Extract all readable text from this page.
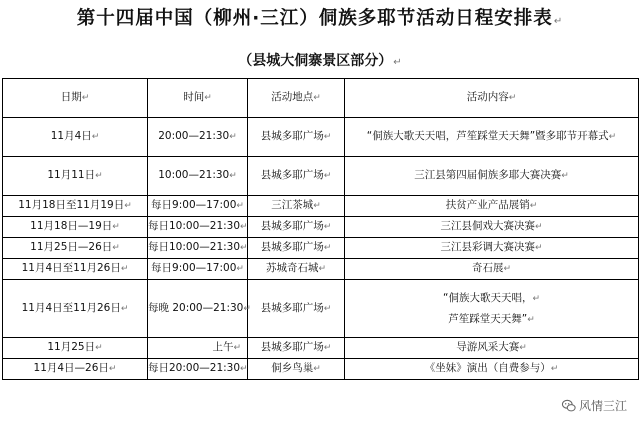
第十四届中国（柳州·三江）侗族多耶节活动日程安排表↵
（县城大侗寨景区部分）↵
日期↵	时间↵	活动地点↵	活动内容↵
11月4日↵	20:00—21:30↵	县城多耶广场↵	“侗族大歌天天唱，芦笙踩堂天天舞”暨多耶节开幕式↵
11月11日↵	10:00—21:30↵	县城多耶广场↵	三江县第四届侗族多耶大赛决赛↵
11月18日至11月19日↵	每日9:00—17:00↵	三江茶城↵	扶贫产业产品展销↵
11月18日—19日↵	每日10:00—21:30↵	县城多耶广场↵	三江县侗戏大赛决赛↵
11月25日—26日↵	每日10:00—21:30↵	县城多耶广场↵	三江县彩调大赛决赛↵
11月4日至11月26日↵	每日9:00—17:00↵	苏城奇石城↵	奇石展↵
11月4日至11月26日↵	每晚 20:00—21:30↵	县城多耶广场↵	“侗族大歌天天唱，↵
芦笙踩堂天天舞”↵

11月25日↵	上午↵	县城多耶广场↵	导游风采大赛↵
11月4日—26日↵	每日20:00—21:30↵	侗乡鸟巢↵	《坐妹》演出（自费参与）↵
风情三江
